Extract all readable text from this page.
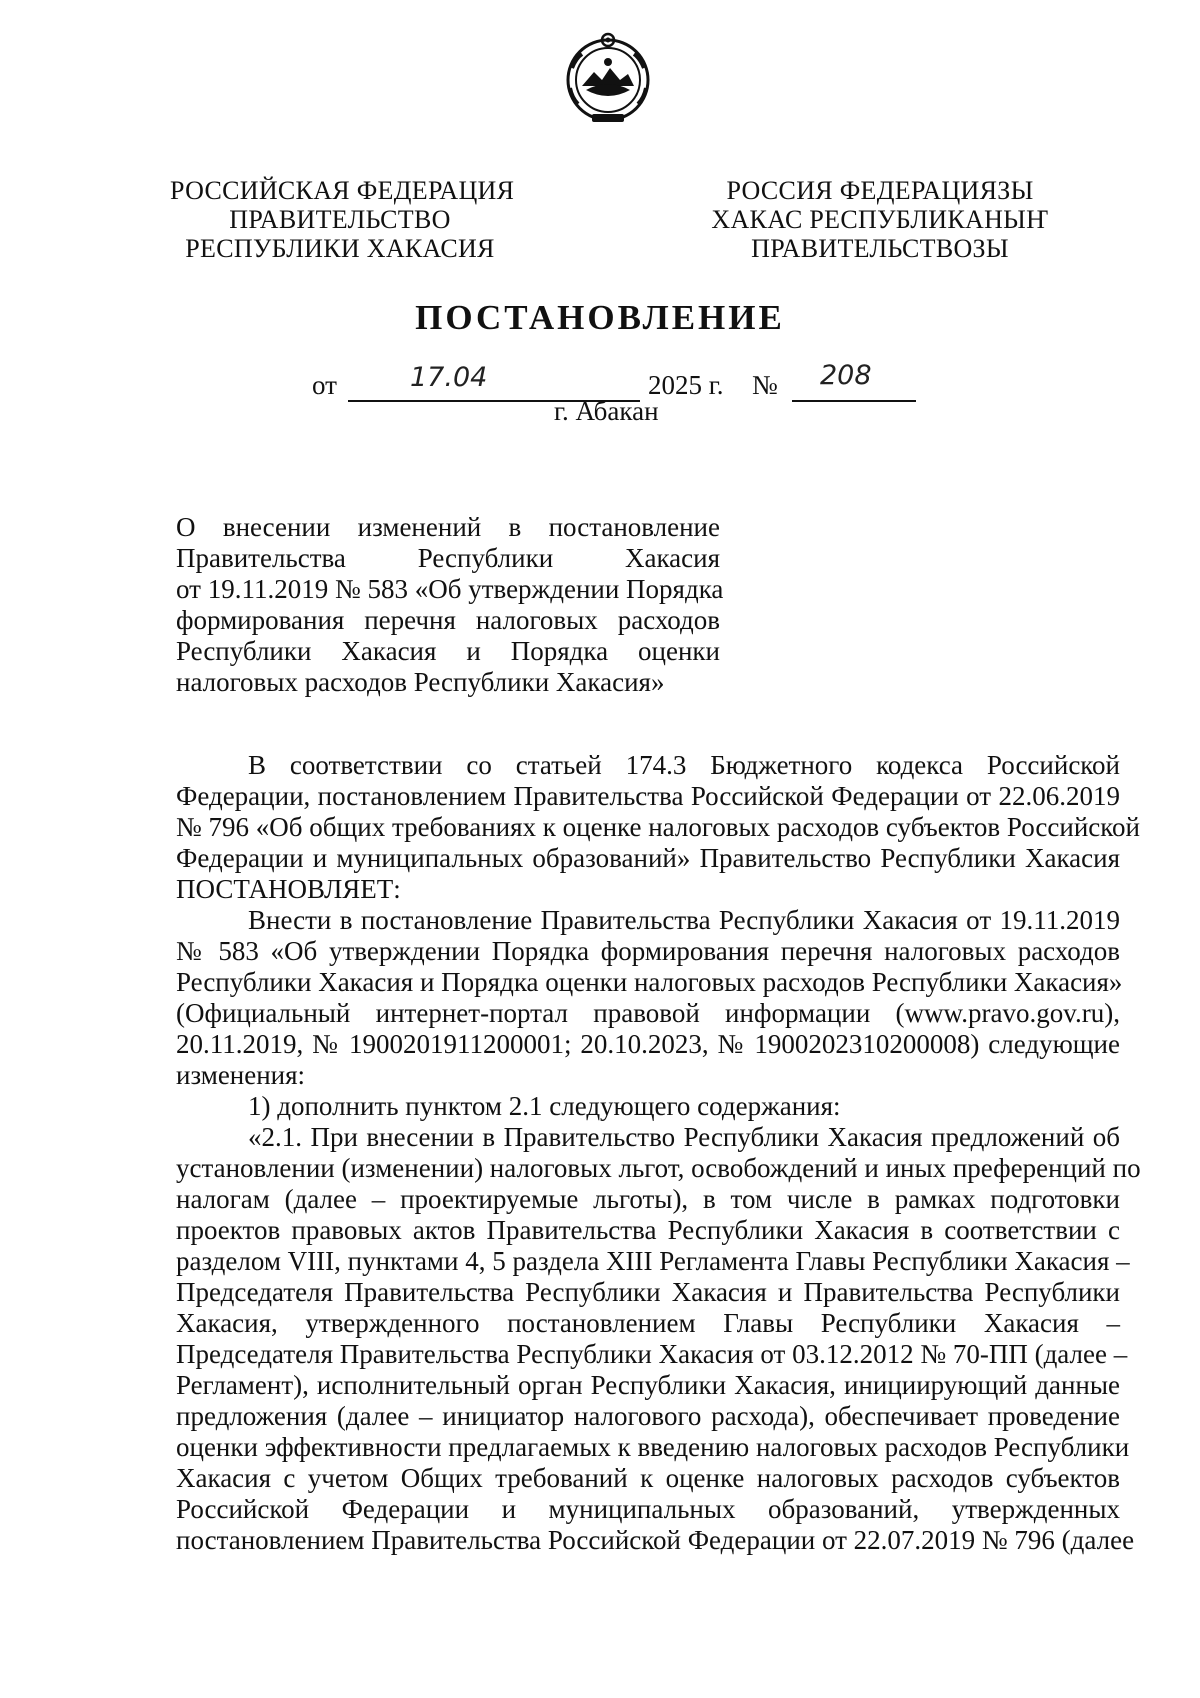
РОССИЙСКАЯ ФЕДЕРАЦИЯ
ПРАВИТЕЛЬСТВО
РЕСПУБЛИКИ ХАКАСИЯ
РОССИЯ ФЕДЕРАЦИЯЗЫ
ХАКАС РЕСПУБЛИКАНЫҤ
ПРАВИТЕЛЬСТВОЗЫ
ПОСТАНОВЛЕНИЕ
от	17.04	2025 г. № 208
г. Абакан
О внесении изменений в постановление
Правительства Республики Хакасия
от 19.11.2019 № 583 «Об утверждении Порядка
формирования перечня налоговых расходов
Республики Хакасия и Порядка оценки
налоговых расходов Республики Хакасия»
В соответствии со статьей 174.3 Бюджетного кодекса Российской
Федерации, постановлением Правительства Российской Федерации от 22.06.2019
№ 796 «Об общих требованиях к оценке налоговых расходов субъектов Российской
Федерации и муниципальных образований» Правительство Республики Хакасия
ПОСТАНОВЛЯЕТ:
Внести в постановление Правительства Республики Хакасия от 19.11.2019
№ 583 «Об утверждении Порядка формирования перечня налоговых расходов
Республики Хакасия и Порядка оценки налоговых расходов Республики Хакасия»
(Официальный интернет-портал правовой информации (www.pravo.gov.ru),
20.11.2019, № 1900201911200001; 20.10.2023, № 1900202310200008) следующие
изменения:
1) дополнить пунктом 2.1 следующего содержания:
«2.1. При внесении в Правительство Республики Хакасия предложений об
установлении (изменении) налоговых льгот, освобождений и иных преференций по
налогам (далее – проектируемые льготы), в том числе в рамках подготовки
проектов правовых актов Правительства Республики Хакасия в соответствии с
разделом VIII, пунктами 4, 5 раздела XIII Регламента Главы Республики Хакасия –
Председателя Правительства Республики Хакасия и Правительства Республики
Хакасия, утвержденного постановлением Главы Республики Хакасия –
Председателя Правительства Республики Хакасия от 03.12.2012 № 70-ПП (далее –
Регламент), исполнительный орган Республики Хакасия, инициирующий данные
предложения (далее – инициатор налогового расхода), обеспечивает проведение
оценки эффективности предлагаемых к введению налоговых расходов Республики
Хакасия с учетом Общих требований к оценке налоговых расходов субъектов
Российской Федерации и муниципальных образований, утвержденных
постановлением Правительства Российской Федерации от 22.07.2019 № 796 (далее
